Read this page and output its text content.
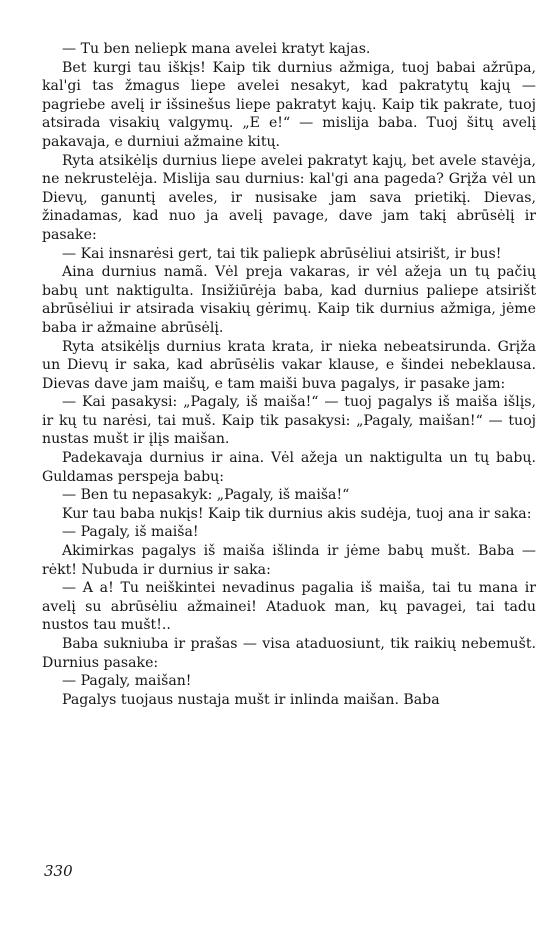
— Tu ben neliepk mana avelei kratyt kajas.

Bet kurgi tau iškįs! Kaip tik durnius ažmiga, tuoj babai ažrūpa, kal'gi tas žmagus liepe avelei nesakyt, kad pakratytų kajų — pagriebe avelį ir išsinešus liepe pakratyt kajų. Kaip tik pakrate, tuoj atsirada visakių valgymų. „E e!“ — mislija baba. Tuoj šitų avelį pakavaja, e durniui ažmaine kitų.

Ryta atsikėlįs durnius liepe avelei pakratyt kajų, bet avele stavėja, ne nekrustelėja. Mislija sau durnius: kal'gi ana pageda? Grįža vėl un Dievų, ganuntį aveles, ir nusisake jam sava prietikį. Dievas, žinadamas, kad nuo ja avelį pavage, dave jam takį abrūsėlį ir pasake:

— Kai insnarėsi gert, tai tik paliepk abrūsėliui atsirišt, ir bus!

Aina durnius namã. Vėl preja vakaras, ir vėl ažeja un tų pačių babų unt naktigulta. Insižiūrėja baba, kad durnius paliepe atsirišt abrūsėliui ir atsirada visakių gėrimų. Kaip tik durnius ažmiga, jėme baba ir ažmaine abrūsėlį.

Ryta atsikėlįs durnius krata krata, ir nieka nebeatsirunda. Grįža un Dievų ir saka, kad abrūsėlis vakar klause, e šindei nebeklausa. Dievas dave jam maišų, e tam maiši buva pagalys, ir pasake jam:

— Kai pasakysi: „Pagaly, iš maiša!“ — tuoj pagalys iš maiša išlįs, ir kų tu narėsi, tai muš. Kaip tik pasakysi: „Pagaly, maišan!“ — tuoj nustas mušt ir įlįs maišan.

Padekavaja durnius ir aina. Vėl ažeja un naktigulta un tų babų. Guldamas perspeja babų:

— Ben tu nepasakyk: „Pagaly, iš maiša!“

Kur tau baba nukįs! Kaip tik durnius akis sudėja, tuoj ana ir saka:

— Pagaly, iš maiša!

Akimirkas pagalys iš maiša išlinda ir jėme babų mušt. Baba — rėkt! Nubuda ir durnius ir saka:

— A a! Tu neiškintei nevadinus pagalia iš maiša, tai tu mana ir avelį su abrūsėliu ažmainei! Ataduok man, kų pavagei, tai tadu nustos tau mušt!..

Baba sukniuba ir prašas — visa ataduosiunt, tik raikių nebemušt. Durnius pasake:

— Pagaly, maišan!

Pagalys tuojaus nustaja mušt ir inlinda maišan. Baba

330
